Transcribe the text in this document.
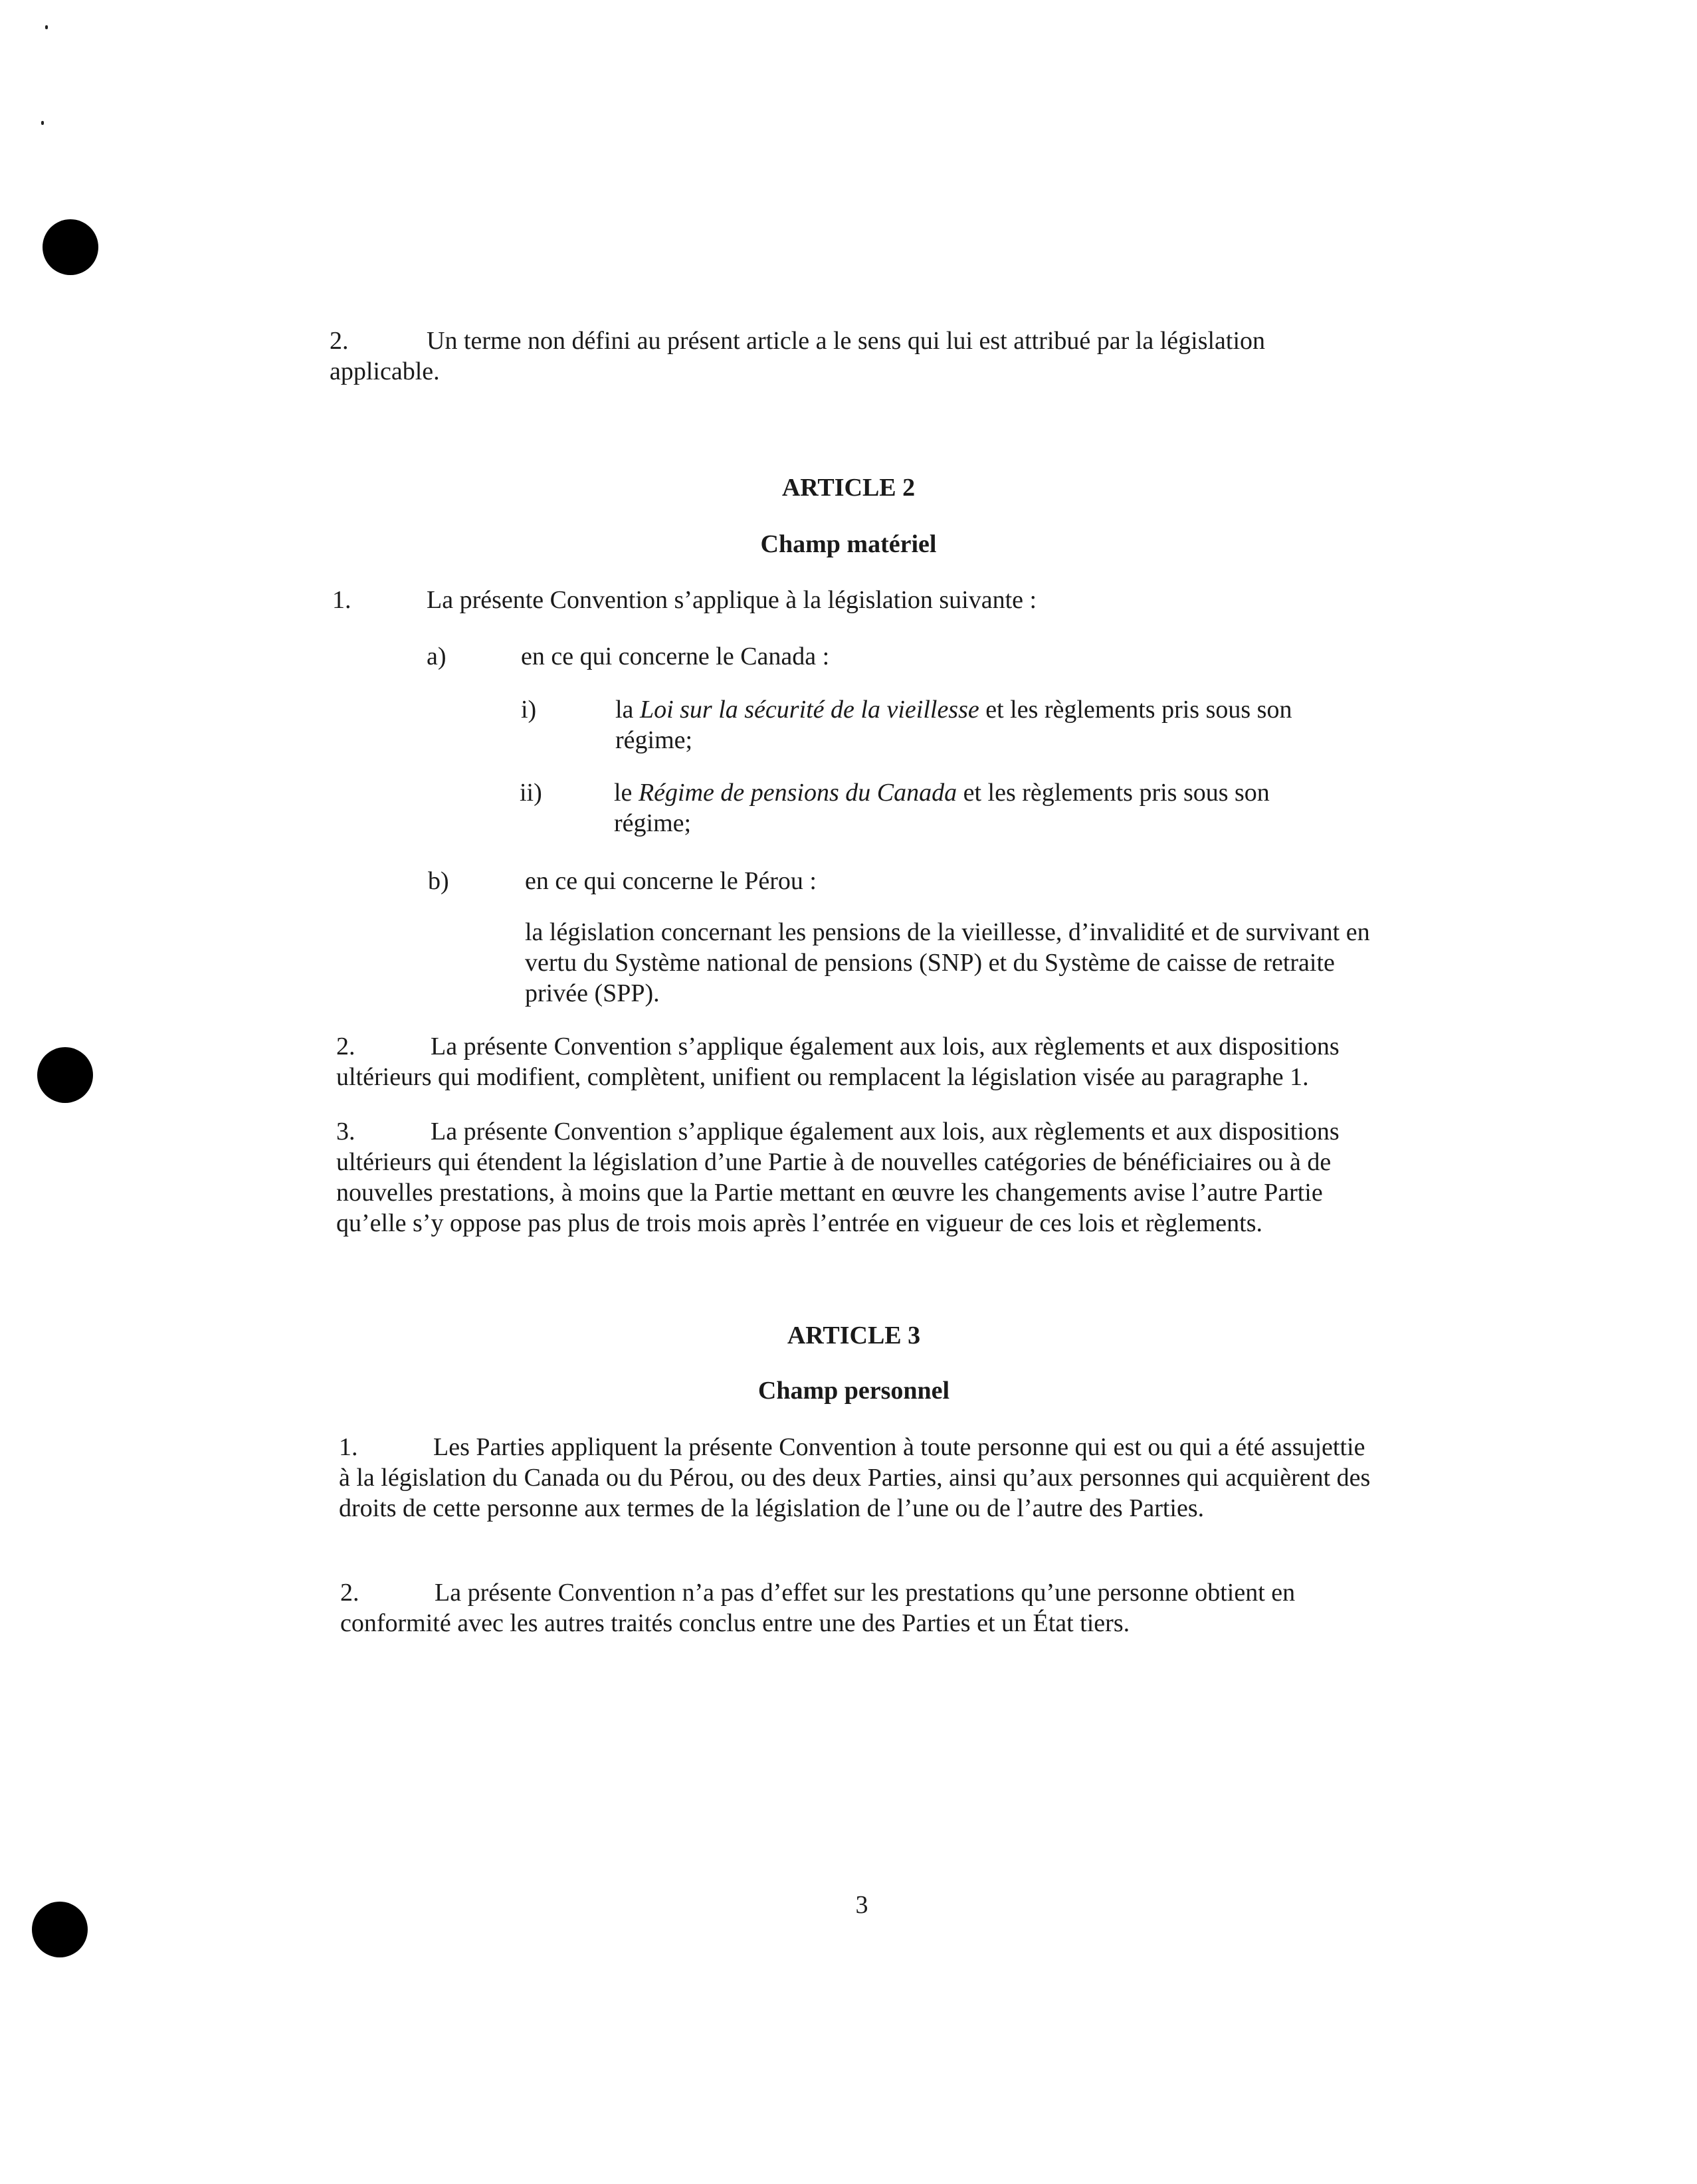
2.	Un terme non défini au présent article a le sens qui lui est attribué par la législation applicable.

ARTICLE 2

Champ matériel

1.	La présente Convention s’applique à la législation suivante :
a)	en ce qui concerne le Canada :
i)	la Loi sur la sécurité de la vieillesse et les règlements pris sous son régime;
ii)	le Régime de pensions du Canada et les règlements pris sous son régime;
b)	en ce qui concerne le Pérou :
la législation concernant les pensions de la vieillesse, d’invalidité et de survivant en vertu du Système national de pensions (SNP) et du Système de caisse de retraite privée (SPP).
2.	La présente Convention s’applique également aux lois, aux règlements et aux dispositions ultérieurs qui modifient, complètent, unifient ou remplacent la législation visée au paragraphe 1.
3.	La présente Convention s’applique également aux lois, aux règlements et aux dispositions ultérieurs qui étendent la législation d’une Partie à de nouvelles catégories de bénéficiaires ou à de nouvelles prestations, à moins que la Partie mettant en œuvre les changements avise l’autre Partie qu’elle s’y oppose pas plus de trois mois après l’entrée en vigueur de ces lois et règlements.

ARTICLE 3

Champ personnel

1.	Les Parties appliquent la présente Convention à toute personne qui est ou qui a été assujettie à la législation du Canada ou du Pérou, ou des deux Parties, ainsi qu’aux personnes qui acquièrent des droits de cette personne aux termes de la législation de l’une ou de l’autre des Parties.
2.	La présente Convention n’a pas d’effet sur les prestations qu’une personne obtient en conformité avec les autres traités conclus entre une des Parties et un État tiers.

3
